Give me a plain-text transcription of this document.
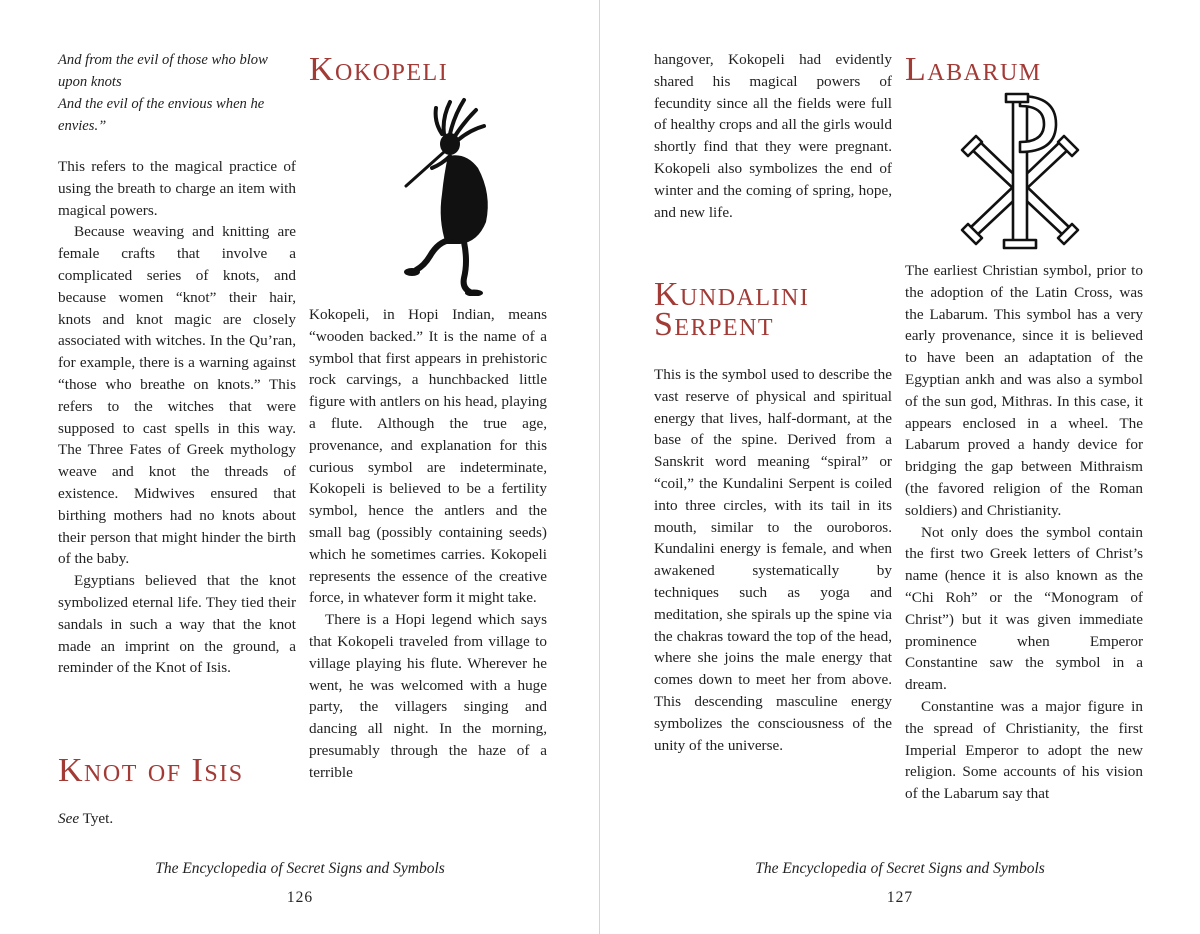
And from the evil of those who blow

upon knots

And the evil of the envious when he

envies.”

This refers to the magical practice of using the breath to charge an item with magical powers.

Because weaving and knitting are female crafts that involve a complicated series of knots, and because women “knot” their hair, knots and knot magic are closely associated with witches. In the Qu’ran, for example, there is a warning against “those who breathe on knots.” This refers to the witches that were supposed to cast spells in this way. The Three Fates of Greek mythology weave and knot the threads of existence. Midwives ensured that birthing mothers had no knots about their person that might hinder the birth of the baby.

Egyptians believed that the knot symbolized eternal life. They tied their sandals in such a way that the knot made an imprint on the ground, a reminder of the Knot of Isis.

Knot of Isis
See Tyet.
Kokopeli

Kokopeli, in Hopi Indian, means “wooden backed.” It is the name of a symbol that first appears in prehistoric rock carvings, a hunchbacked little figure with antlers on his head, playing a flute. Although the true age, provenance, and explanation for this curious symbol are indeterminate, Kokopeli is believed to be a fertility symbol, hence the antlers and the small bag (possibly containing seeds) which he sometimes carries. Kokopeli represents the essence of the creative force, in whatever form it might take.

There is a Hopi legend which says that Kokopeli traveled from village to village playing his flute. Wherever he went, he was welcomed with a huge party, the villagers singing and dancing all night. In the morning, presumably through the haze of a terrible

The Encyclopedia of Secret Signs and Symbols
126

hangover, Kokopeli had evidently shared his magical powers of fecundity since all the fields were full of healthy crops and all the girls would shortly find that they were pregnant. Kokopeli also symbolizes the end of winter and the coming of spring, hope, and new life.

Kundalini
Serpent

This is the symbol used to describe the vast reserve of physical and spiritual energy that lives, half-dormant, at the base of the spine. Derived from a Sanskrit word meaning “spiral” or “coil,” the Kundalini Serpent is coiled into three circles, with its tail in its mouth, similar to the ouroboros. Kundalini energy is female, and when awakened systematically by techniques such as yoga and meditation, she spirals up the spine via the chakras toward the top of the head, where she joins the male energy that comes down to meet her from above. This descending masculine energy symbolizes the consciousness of the unity of the universe.

Labarum

The earliest Christian symbol, prior to the adoption of the Latin Cross, was the Labarum. This symbol has a very early provenance, since it is believed to have been an adaptation of the Egyptian ankh and was also a symbol of the sun god, Mithras. In this case, it appears enclosed in a wheel. The Labarum proved a handy device for bridging the gap between Mithraism (the favored religion of the Roman soldiers) and Christianity.

Not only does the symbol contain the first two Greek letters of Christ’s name (hence it is also known as the “Chi Roh” or the “Monogram of Christ”) but it was given immediate prominence when Emperor Constantine saw the symbol in a dream.

Constantine was a major figure in the spread of Christianity, the first Imperial Emperor to adopt the new religion. Some accounts of his vision of the Labarum say that

The Encyclopedia of Secret Signs and Symbols
127
